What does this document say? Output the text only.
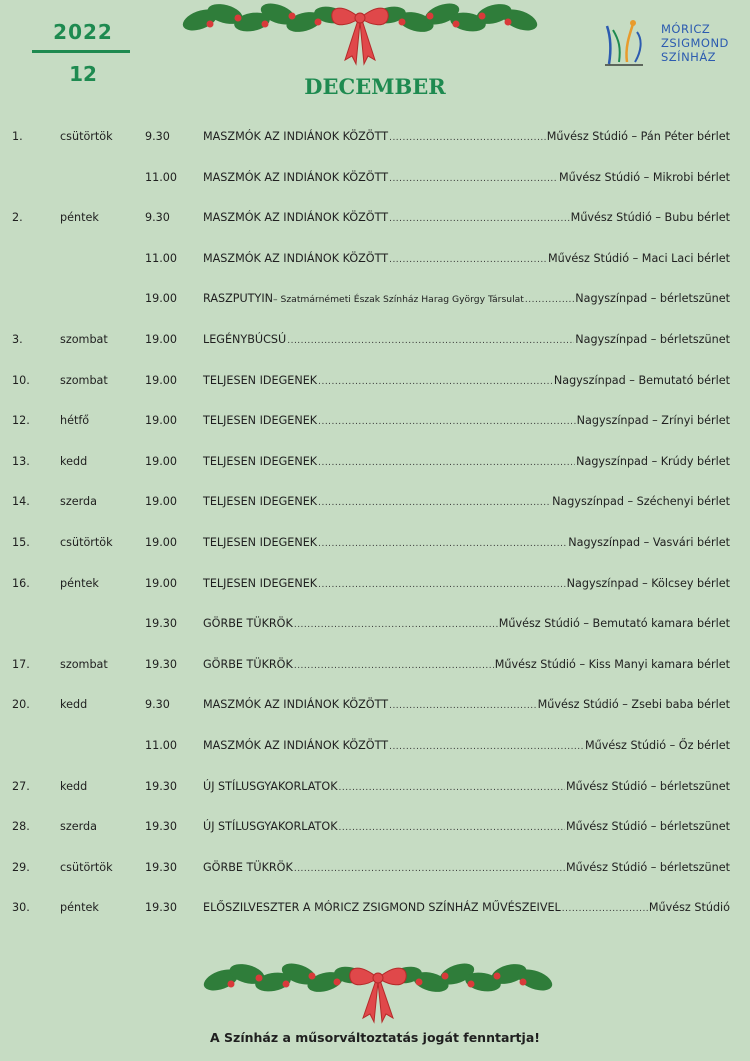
2022
12	DECEMBER
MÓRICZ
ZSIGMOND
SZÍNHÁZ
1.	csütörtök	9.30	MASZMÓK AZ INDIÁNOK KÖZÖTT .....	Művész Stúdió – Pán Péter bérlet
11.00 MASZMÓK AZ INDIÁNOK KÖZÖTT .....	Művész Stúdió – Mikrobi bérlet
2.	péntek	9.30	MASZMÓK AZ INDIÁNOK KÖZÖTT .....	Művész Stúdió – Bubu bérlet
11.00 MASZMÓK AZ INDIÁNOK KÖZÖTT .....	Művész Stúdió – Maci Laci bérlet
19.00 RASZPUTYIN – Szatmárnémeti Észak Színház Harag György Társulat .....	Nagyszínpad – bérletszünet
3.	szombat	19.00 LEGÉNYBÚCSÚ .....	Nagyszínpad – bérletszünet
10.	szombat	19.00 TELJESEN IDEGENEK .....	Nagyszínpad – Bemutató bérlet
12.	hétfő	19.00 TELJESEN IDEGENEK .....	Nagyszínpad – Zrínyi bérlet
13.	kedd	19.00 TELJESEN IDEGENEK .....	Nagyszínpad – Krúdy bérlet
14.	szerda	19.00 TELJESEN IDEGENEK .....	Nagyszínpad – Széchenyi bérlet
15.	csütörtök	19.00 TELJESEN IDEGENEK .....	Nagyszínpad – Vasvári bérlet
16.	péntek	19.00 TELJESEN IDEGENEK .....	Nagyszínpad – Kölcsey bérlet
19.30 GÖRBE TÜKRÖK .....	Művész Stúdió – Bemutató kamara bérlet
17.	szombat	19.30 GÖRBE TÜKRÖK .....	Művész Stúdió – Kiss Manyi kamara bérlet
20.	kedd	9.30	MASZMÓK AZ INDIÁNOK KÖZÖTT .....	Művész Stúdió – Zsebi baba bérlet
11.00 MASZMÓK AZ INDIÁNOK KÖZÖTT .....	Művész Stúdió – Őz bérlet
27.	kedd	19.30 ÚJ STÍLUSGYAKORLATOK .....	Művész Stúdió – bérletszünet
28.	szerda	19.30 ÚJ STÍLUSGYAKORLATOK .....	Művész Stúdió – bérletszünet
29.	csütörtök	19.30 GÖRBE TÜKRÖK .....	Művész Stúdió – bérletszünet
30.	péntek	19.30 ELŐSZILVESZTER A MÓRICZ ZSIGMOND SZÍNHÁZ MŰVÉSZEIVEL .....	Művész Stúdió
A Színház a műsorváltoztatás jogát fenntartja!
